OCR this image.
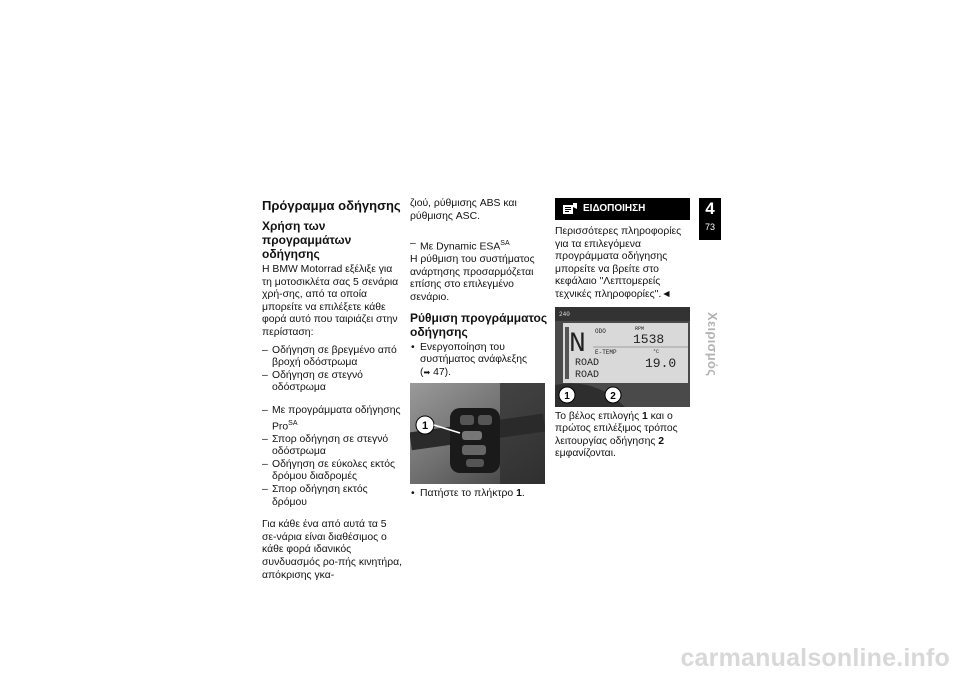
Πρόγραμμα οδήγησης
Χρήση των προγραμμάτων οδήγησης

Η BMW Motorrad εξέλιξε για τη μοτοσικλέτα σας 5 σενάρια χρή-σης, από τα οποία μπορείτε να επιλέξετε κάθε φορά αυτό που ταιριάζει στην περίσταση:

– Οδήγηση σε βρεγμένο από βροχή οδόστρωμα

– Οδήγηση σε στεγνό οδόστρωμα

– Με προγράμματα οδήγησης Pro$^{SA}$

– Σπορ οδήγηση σε στεγνό οδόστρωμα

– Οδήγηση σε εύκολες εκτός δρόμου διαδρομές

– Σπορ οδήγηση εκτός δρόμου

Για κάθε ένα από αυτά τα 5 σε-νάρια είναι διαθέσιμος ο κάθε φορά ιδανικός συνδυασμός ρο-πής κινητήρα, απόκρισης γκα-

ζιού, ρύθμισης ABS και ρύθμισης ASC.

– Με Dynamic $ESA^{SA}$

Η ρύθμιση του συστήματος ανάρτησης προσαρμόζεται επίσης στο επιλεγμένο σενάριο.

Ρύθμιση προγράμματος οδήγησης

• Ενεργοποίηση του συστήματος ανάφλεξης (➡ 47).

1

• Πατήστε το πλήκτρο 1.

ΕΙΔΟΠΟΙΗΣΗ

Περισσότερες πληροφορίες για τα επιλεγόμενα προγράμματα οδήγησης μπορείτε να βρείτε στο κεφάλαιο "Λεπτομερείς τεχνικές πληροφορίες".◄

240
N ODO	RPM
1538
E-TEMP	°C
19.0
ROAD
ROAD
1	2

Το βέλος επιλογής 1 και ο πρώτος επιλέξιμος τρόπος λειτουργίας οδήγησης 2 εμφανίζονται.

4
73
Χειρισμός
carmanualsonline.info
